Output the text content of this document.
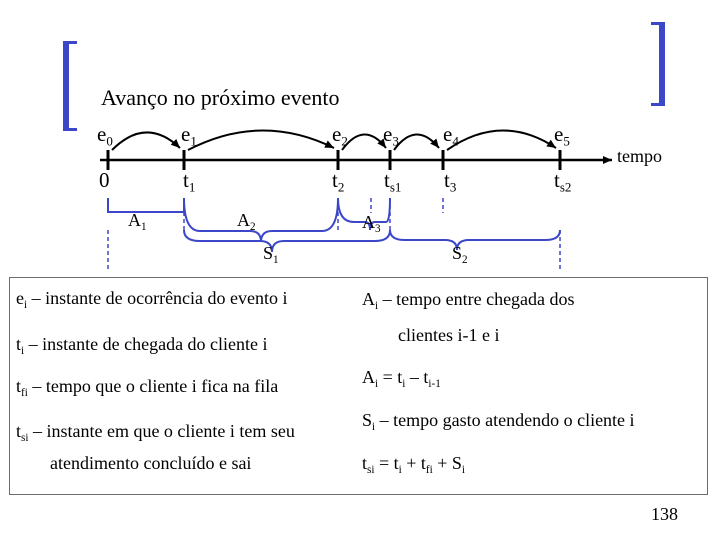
Avanço no próximo evento
$e_0$	$e_1$	$e_2$ $e_3$ $e_4$	$e_5$
tempo
0	$t_1$	$t_2$ $t_{s1}$ $t_3$	$t_{s2}$
$A_1$	$A_2$	$A_3$
$S_1$	$S_2$
$e_i$ – instante de ocorrência do evento i
$t_i$ – instante de chegada do cliente i
$t_{fi}$ – tempo que o cliente i fica na fila
$t_{si}$ – instante em que o cliente i tem seu
atendimento concluído e sai
$A_i$ – tempo entre chegada dos
clientes i-1 e i
$A_i = t_i - t_{i-1}$
$S_i$ – tempo gasto atendendo o cliente i
$t_{si} = t_i + t_{fi} + S_i$
138
